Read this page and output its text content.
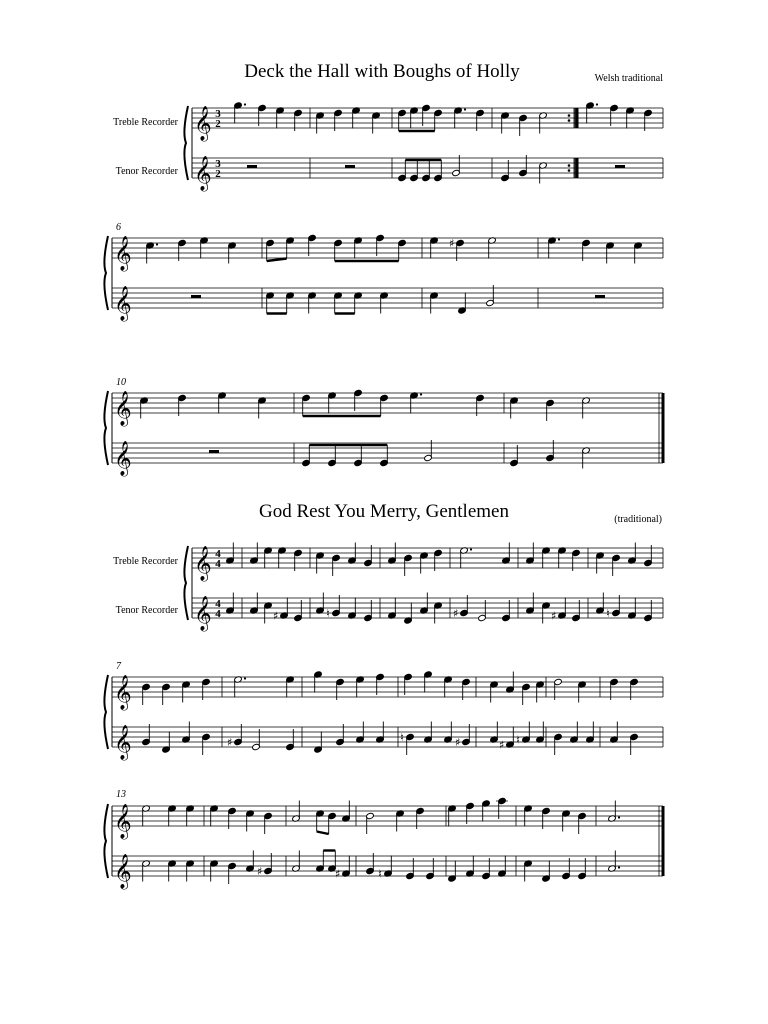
Deck the Hall with Boughs of Holly	Welsh traditional
Treble Recorder
Tenor Recorder
6
10
God Rest You Merry, Gentlemen	(traditional)
Treble Recorder
Tenor Recorder
7
13
𝄞
𝄞
3
2
3
2
𝄞
𝄞
♯
𝄞
𝄞
𝄞
𝄞
4
4
4
4	♯	♮	♯	♯	♮
𝄞
𝄞	♯	♮	♯	♯ ♮
𝄞
𝄞	♯	♯	♮
